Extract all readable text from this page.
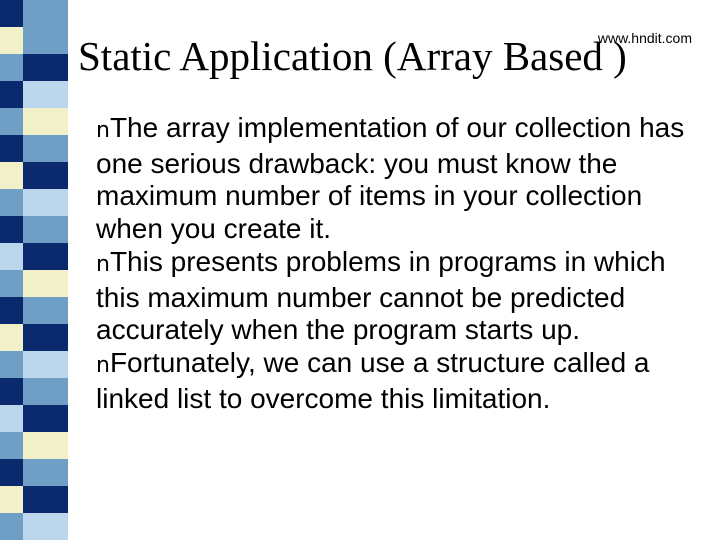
www.hndit.com
Static Application (Array Based )
nThe array implementation of our collection has one serious drawback: you must know the maximum number of items in your collection when you create it.
nThis presents problems in programs in which this maximum number cannot be predicted accurately when the program starts up.
nFortunately, we can use a structure called a linked list to overcome this limitation.
